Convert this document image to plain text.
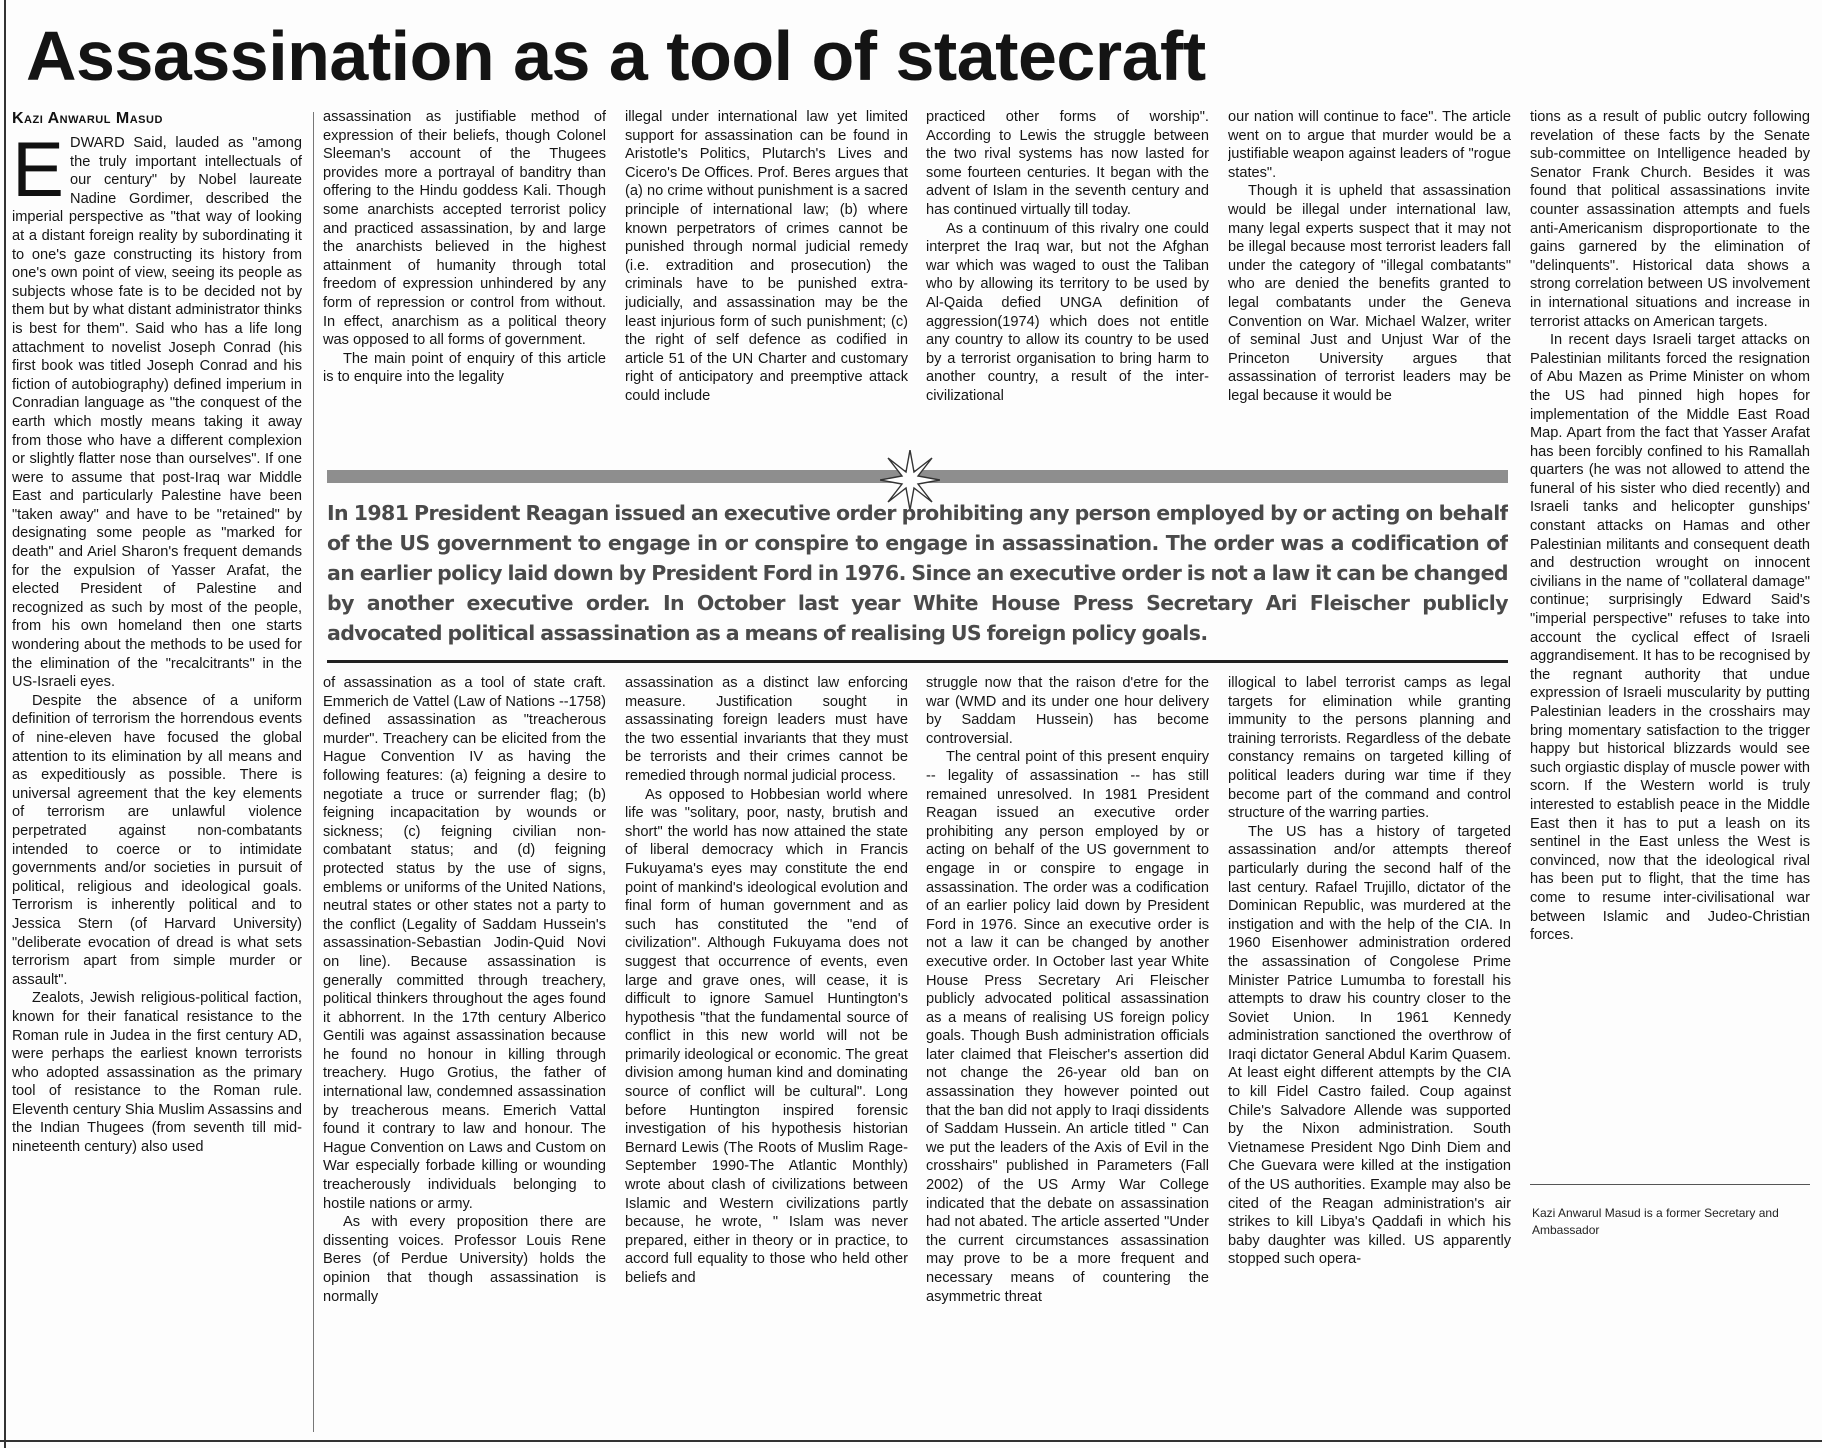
Assassination as a tool of statecraft
Kazi Anwarul Masud

EDWARD Said, lauded as "among the truly important intellectuals of our century" by Nobel laureate Nadine Gordimer, described the imperial perspective as "that way of looking at a distant foreign reality by subordinating it to one's gaze constructing its history from one's own point of view, seeing its people as subjects whose fate is to be decided not by them but by what distant administrator thinks is best for them". Said who has a life long attachment to novelist Joseph Conrad (his first book was titled Joseph Conrad and his fiction of autobiography) defined imperium in Conradian language as "the conquest of the earth which mostly means taking it away from those who have a different complexion or slightly flatter nose than ourselves". If one were to assume that post-Iraq war Middle East and particularly Palestine have been "taken away" and have to be "retained" by designating some people as "marked for death" and Ariel Sharon's frequent demands for the expulsion of Yasser Arafat, the elected President of Palestine and recognized as such by most of the people, from his own homeland then one starts wondering about the methods to be used for the elimination of the "recalcitrants" in the US-Israeli eyes.

Despite the absence of a uniform definition of terrorism the horrendous events of nine-eleven have focused the global attention to its elimination by all means and as expeditiously as possible. There is universal agreement that the key elements of terrorism are unlawful violence perpetrated against non-combatants intended to coerce or to intimidate governments and/or societies in pursuit of political, religious and ideological goals. Terrorism is inherently political and to Jessica Stern (of Harvard University) "deliberate evocation of dread is what sets terrorism apart from simple murder or assault".

Zealots, Jewish religious-political faction, known for their fanatical resistance to the Roman rule in Judea in the first century AD, were perhaps the earliest known terrorists who adopted assassination as the primary tool of resistance to the Roman rule. Eleventh century Shia Muslim Assassins and the Indian Thugees (from seventh till mid-nineteenth century) also used

assassination as justifiable method of expression of their beliefs, though Colonel Sleeman's account of the Thugees provides more a portrayal of banditry than offering to the Hindu goddess Kali. Though some anarchists accepted terrorist policy and practiced assassination, by and large the anarchists believed in the highest attainment of humanity through total freedom of expression unhindered by any form of repression or control from without. In effect, anarchism as a political theory was opposed to all forms of government.

The main point of enquiry of this article is to enquire into the legality

illegal under international law yet limited support for assassination can be found in Aristotle's Politics, Plutarch's Lives and Cicero's De Offices. Prof. Beres argues that (a) no crime without punishment is a sacred principle of international law; (b) where known perpetrators of crimes cannot be punished through normal judicial remedy (i.e. extradition and prosecution) the criminals have to be punished extra-judicially, and assassination may be the least injurious form of such punishment; (c) the right of self defence as codified in article 51 of the UN Charter and customary right of anticipatory and preemptive attack could include

practiced other forms of worship". According to Lewis the struggle between the two rival systems has now lasted for some fourteen centuries. It began with the advent of Islam in the seventh century and has continued virtually till today.

As a continuum of this rivalry one could interpret the Iraq war, but not the Afghan war which was waged to oust the Taliban who by allowing its territory to be used by Al-Qaida defied UNGA definition of aggression(1974) which does not entitle any country to allow its country to be used by a terrorist organisation to bring harm to another country, a result of the inter-civilizational

our nation will continue to face". The article went on to argue that murder would be a justifiable weapon against leaders of "rogue states".

Though it is upheld that assassination would be illegal under international law, many legal experts suspect that it may not be illegal because most terrorist leaders fall under the category of "illegal combatants" who are denied the benefits granted to legal combatants under the Geneva Convention on War. Michael Walzer, writer of seminal Just and Unjust War of the Princeton University argues that assassination of terrorist leaders may be legal because it would be

In 1981 President Reagan issued an executive order prohibiting any person employed by or acting on behalf of the US government to engage in or conspire to engage in assassination. The order was a codification of an earlier policy laid down by President Ford in 1976. Since an executive order is not a law it can be changed by another executive order. In October last year White House Press Secretary Ari Fleischer publicly advocated political assassination as a means of realising US foreign policy goals.

of assassination as a tool of state craft. Emmerich de Vattel (Law of Nations --1758) defined assassination as "treacherous murder". Treachery can be elicited from the Hague Convention IV as having the following features: (a) feigning a desire to negotiate a truce or surrender flag; (b) feigning incapacitation by wounds or sickness; (c) feigning civilian non-combatant status; and (d) feigning protected status by the use of signs, emblems or uniforms of the United Nations, neutral states or other states not a party to the conflict (Legality of Saddam Hussein's assassination-Sebastian Jodin-Quid Novi on line). Because assassination is generally committed through treachery, political thinkers throughout the ages found it abhorrent. In the 17th century Alberico Gentili was against assassination because he found no honour in killing through treachery. Hugo Grotius, the father of international law, condemned assassination by treacherous means. Emerich Vattal found it contrary to law and honour. The Hague Convention on Laws and Custom on War especially forbade killing or wounding treacherously individuals belonging to hostile nations or army.

As with every proposition there are dissenting voices. Professor Louis Rene Beres (of Perdue University) holds the opinion that though assassination is normally

assassination as a distinct law enforcing measure. Justification sought in assassinating foreign leaders must have the two essential invariants that they must be terrorists and their crimes cannot be remedied through normal judicial process.

As opposed to Hobbesian world where life was "solitary, poor, nasty, brutish and short" the world has now attained the state of liberal democracy which in Francis Fukuyama's eyes may constitute the end point of mankind's ideological evolution and final form of human government and as such has constituted the "end of civilization". Although Fukuyama does not suggest that occurrence of events, even large and grave ones, will cease, it is difficult to ignore Samuel Huntington's hypothesis "that the fundamental source of conflict in this new world will not be primarily ideological or economic. The great division among human kind and dominating source of conflict will be cultural". Long before Huntington inspired forensic investigation of his hypothesis historian Bernard Lewis (The Roots of Muslim Rage-September 1990-The Atlantic Monthly) wrote about clash of civilizations between Islamic and Western civilizations partly because, he wrote, " Islam was never prepared, either in theory or in practice, to accord full equality to those who held other beliefs and

struggle now that the raison d'etre for the war (WMD and its under one hour delivery by Saddam Hussein) has become controversial.

The central point of this present enquiry -- legality of assassination -- has still remained unresolved. In 1981 President Reagan issued an executive order prohibiting any person employed by or acting on behalf of the US government to engage in or conspire to engage in assassination. The order was a codification of an earlier policy laid down by President Ford in 1976. Since an executive order is not a law it can be changed by another executive order. In October last year White House Press Secretary Ari Fleischer publicly advocated political assassination as a means of realising US foreign policy goals. Though Bush administration officials later claimed that Fleischer's assertion did not change the 26-year old ban on assassination they however pointed out that the ban did not apply to Iraqi dissidents of Saddam Hussein. An article titled " Can we put the leaders of the Axis of Evil in the crosshairs" published in Parameters (Fall 2002) of the US Army War College indicated that the debate on assassination had not abated. The article asserted "Under the current circumstances assassination may prove to be a more frequent and necessary means of countering the asymmetric threat

illogical to label terrorist camps as legal targets for elimination while granting immunity to the persons planning and training terrorists. Regardless of the debate constancy remains on targeted killing of political leaders during war time if they become part of the command and control structure of the warring parties.

The US has a history of targeted assassination and/or attempts thereof particularly during the second half of the last century. Rafael Trujillo, dictator of the Dominican Republic, was murdered at the instigation and with the help of the CIA. In 1960 Eisenhower administration ordered the assassination of Congolese Prime Minister Patrice Lumumba to forestall his attempts to draw his country closer to the Soviet Union. In 1961 Kennedy administration sanctioned the overthrow of Iraqi dictator General Abdul Karim Quasem. At least eight different attempts by the CIA to kill Fidel Castro failed. Coup against Chile's Salvadore Allende was supported by the Nixon administration. South Vietnamese President Ngo Dinh Diem and Che Guevara were killed at the instigation of the US authorities. Example may also be cited of the Reagan administration's air strikes to kill Libya's Qaddafi in which his baby daughter was killed. US apparently stopped such opera-

tions as a result of public outcry following revelation of these facts by the Senate sub-committee on Intelligence headed by Senator Frank Church. Besides it was found that political assassinations invite counter assassination attempts and fuels anti-Americanism disproportionate to the gains garnered by the elimination of "delinquents". Historical data shows a strong correlation between US involvement in international situations and increase in terrorist attacks on American targets.

In recent days Israeli target attacks on Palestinian militants forced the resignation of Abu Mazen as Prime Minister on whom the US had pinned high hopes for implementation of the Middle East Road Map. Apart from the fact that Yasser Arafat has been forcibly confined to his Ramallah quarters (he was not allowed to attend the funeral of his sister who died recently) and Israeli tanks and helicopter gunships' constant attacks on Hamas and other Palestinian militants and consequent death and destruction wrought on innocent civilians in the name of "collateral damage" continue; surprisingly Edward Said's "imperial perspective" refuses to take into account the cyclical effect of Israeli aggrandisement. It has to be recognised by the regnant authority that undue expression of Israeli muscularity by putting Palestinian leaders in the crosshairs may bring momentary satisfaction to the trigger happy but historical blizzards would see such orgiastic display of muscle power with scorn. If the Western world is truly interested to establish peace in the Middle East then it has to put a leash on its sentinel in the East unless the West is convinced, now that the ideological rival has been put to flight, that the time has come to resume inter-civilisational war between Islamic and Judeo-Christian forces.

Kazi Anwarul Masud is a former Secretary and Ambassador
